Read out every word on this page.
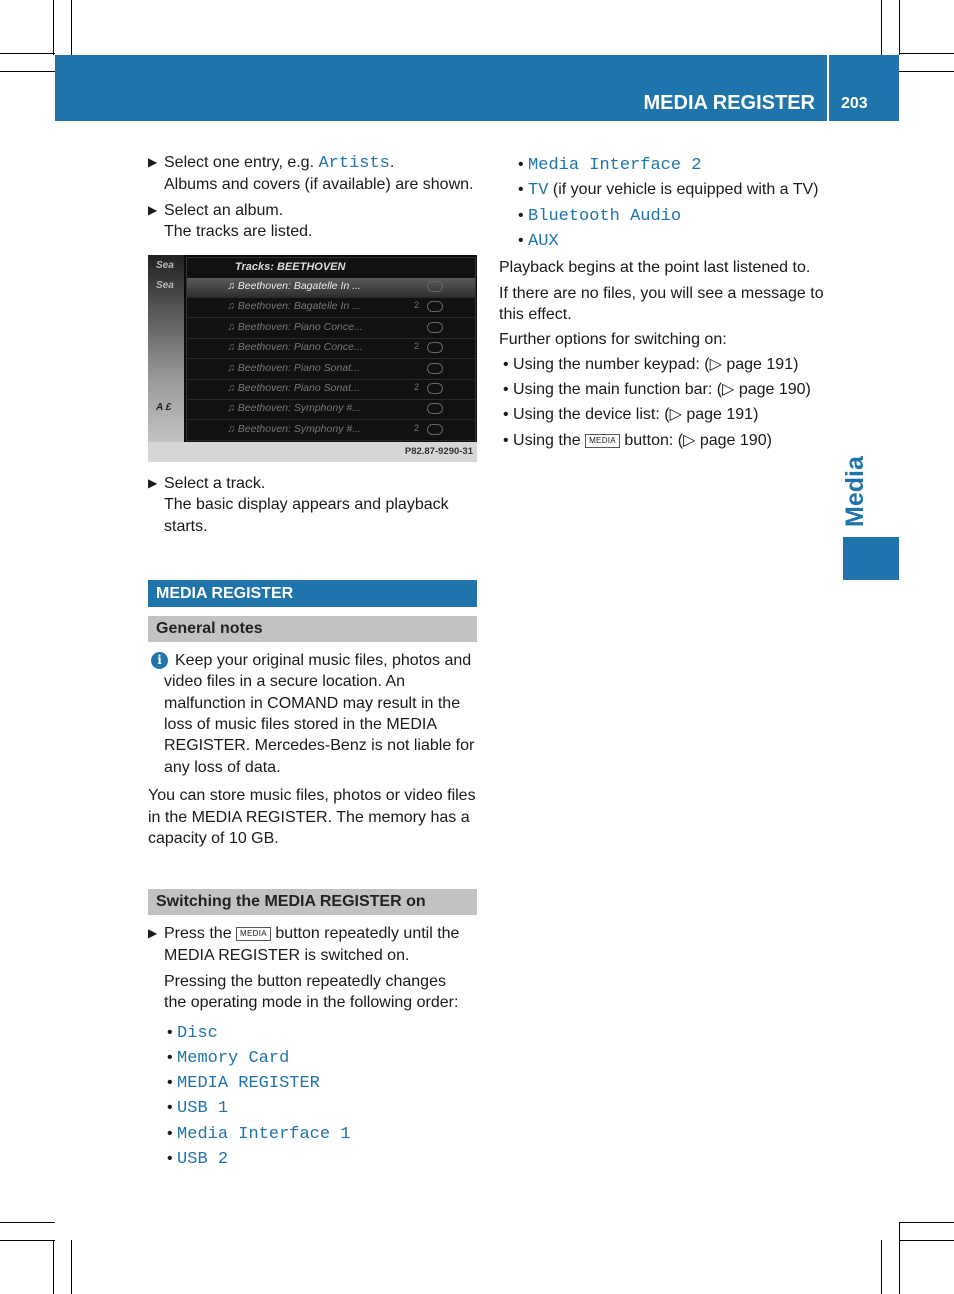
MEDIA REGISTER 203
Media
▶ Select one entry, e.g. Artists.

Albums and covers (if available) are shown.

▶ Select an album.

The tracks are listed.

Sea
Sea
A £
Tracks: BEETHOVEN
♫ Beethoven: Bagatelle In ...
♫ Beethoven: Bagatelle In ...	2
♫ Beethoven: Piano Conce...
♫ Beethoven: Piano Conce...	2
♫ Beethoven: Piano Sonat...
♫ Beethoven: Piano Sonat...	2
♫ Beethoven: Symphony #...
♫ Beethoven: Symphony #...	2
P82.87-9290-31
▶ Select a track.

The basic display appears and playback

starts.

MEDIA REGISTER
General notes
i Keep your original music files, photos and

video files in a secure location. An

malfunction in COMAND may result in the

loss of music files stored in the MEDIA

REGISTER. Mercedes-Benz is not liable for

any loss of data.

You can store music files, photos or video files

in the MEDIA REGISTER. The memory has a

capacity of 10 GB.

Switching the MEDIA REGISTER on
▶ Press the MEDIA button repeatedly until the

MEDIA REGISTER is switched on.

Pressing the button repeatedly changes

the operating mode in the following order:

• Disc
• Memory Card
• MEDIA REGISTER
• USB 1
• Media Interface 1
• USB 2
• Media Interface 2
• TV (if your vehicle is equipped with a TV)
• Bluetooth Audio
• AUX

Playback begins at the point last listened to.

If there are no files, you will see a message to

this effect.

Further options for switching on:

• Using the number keypad: (▷ page 191)
• Using the main function bar: (▷ page 190)
• Using the device list: (▷ page 191)
• Using the MEDIA button: (▷ page 190)
